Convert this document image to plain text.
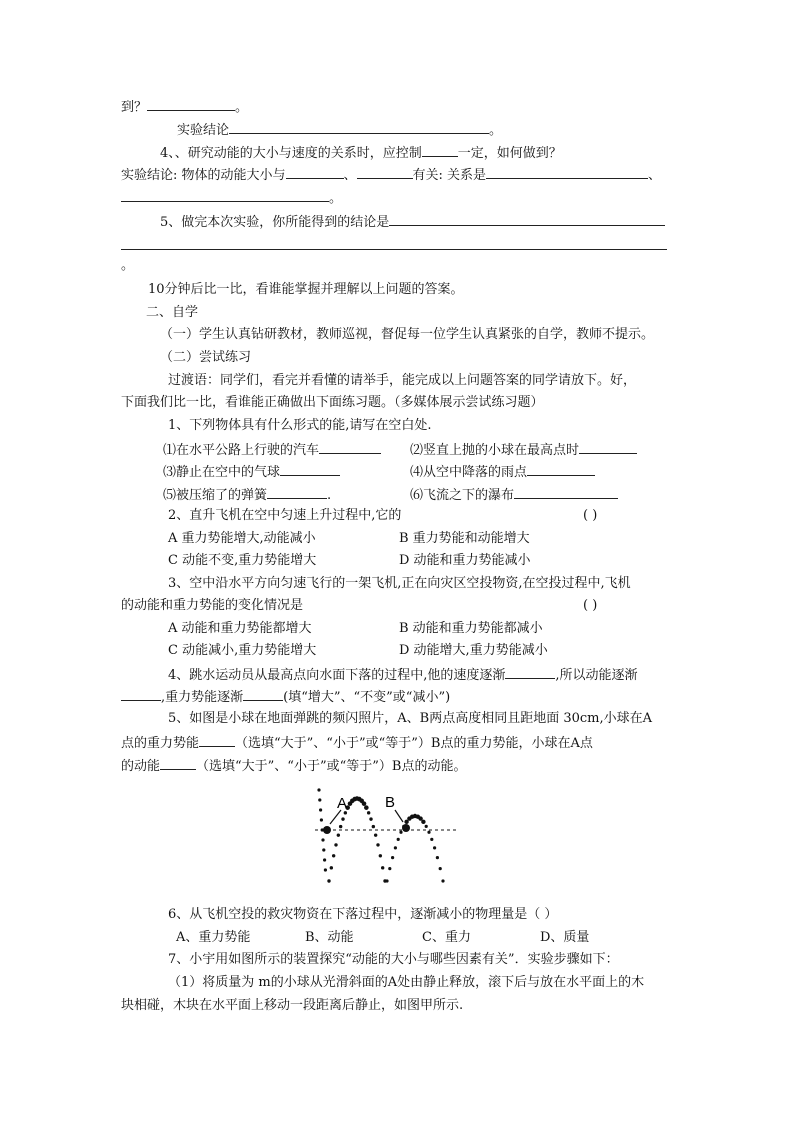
到？	。
实验结论	。
4、、研究动能的大小与速度的关系时，应控制	一定，如何做到？
实验结论: 物体的动能大小与	、	有关: 关系是	、
。
5、做完本次实验，你所能得到的结论是
。
10分钟后比一比，看谁能掌握并理解以上问题的答案。
二、自学
（一）学生认真钻研教材，教师巡视，督促每一位学生认真紧张的自学，教师不提示。
（二）尝试练习
过渡语：同学们，看完并看懂的请举手，能完成以上问题答案的同学请放下。好，
下面我们比一比，看谁能正确做出下面练习题。（多媒体展示尝试练习题）
1、下列物体具有什么形式的能,请写在空白处.
⑴在水平公路上行驶的汽车	⑵竖直上抛的小球在最高点时
⑶静止在空中的气球	⑷从空中降落的雨点
⑸被压缩了的弹簧	.	⑹飞流之下的瀑布
2、直升飞机在空中匀速上升过程中,它的	( )
A 重力势能增大,动能减小	B 重力势能和动能增大
C 动能不变,重力势能增大	D 动能和重力势能减小
3、空中沿水平方向匀速飞行的一架飞机,正在向灾区空投物资,在空投过程中,飞机
的动能和重力势能的变化情况是	( )
A 动能和重力势能都增大	B 动能和重力势能都减小
C 动能减小,重力势能增大	D 动能增大,重力势能减小
4、跳水运动员从最高点向水面下落的过程中,他的速度逐渐	,所以动能逐渐
,重力势能逐渐	(填“增大”、“不变”或“减小”)
5、如图是小球在地面弹跳的频闪照片，A、B两点高度相同且距地面 30cm,小球在A
点的重力势能	（选填“大于”、“小于”或“等于”）B点的重力势能，小球在A点
的动能	（选填“大于”、“小于”或“等于”）B点的动能。
A	B
6、从飞机空投的救灾物资在下落过程中，逐渐减小的物理量是（ ）
A、重力势能	B、动能	C、重力	D、质量
7、小宇用如图所示的装置探究“动能的大小与哪些因素有关”．实验步骤如下：
（1）将质量为 m的小球从光滑斜面的A处由静止释放，滚下后与放在水平面上的木
块相碰，木块在水平面上移动一段距离后静止，如图甲所示.
